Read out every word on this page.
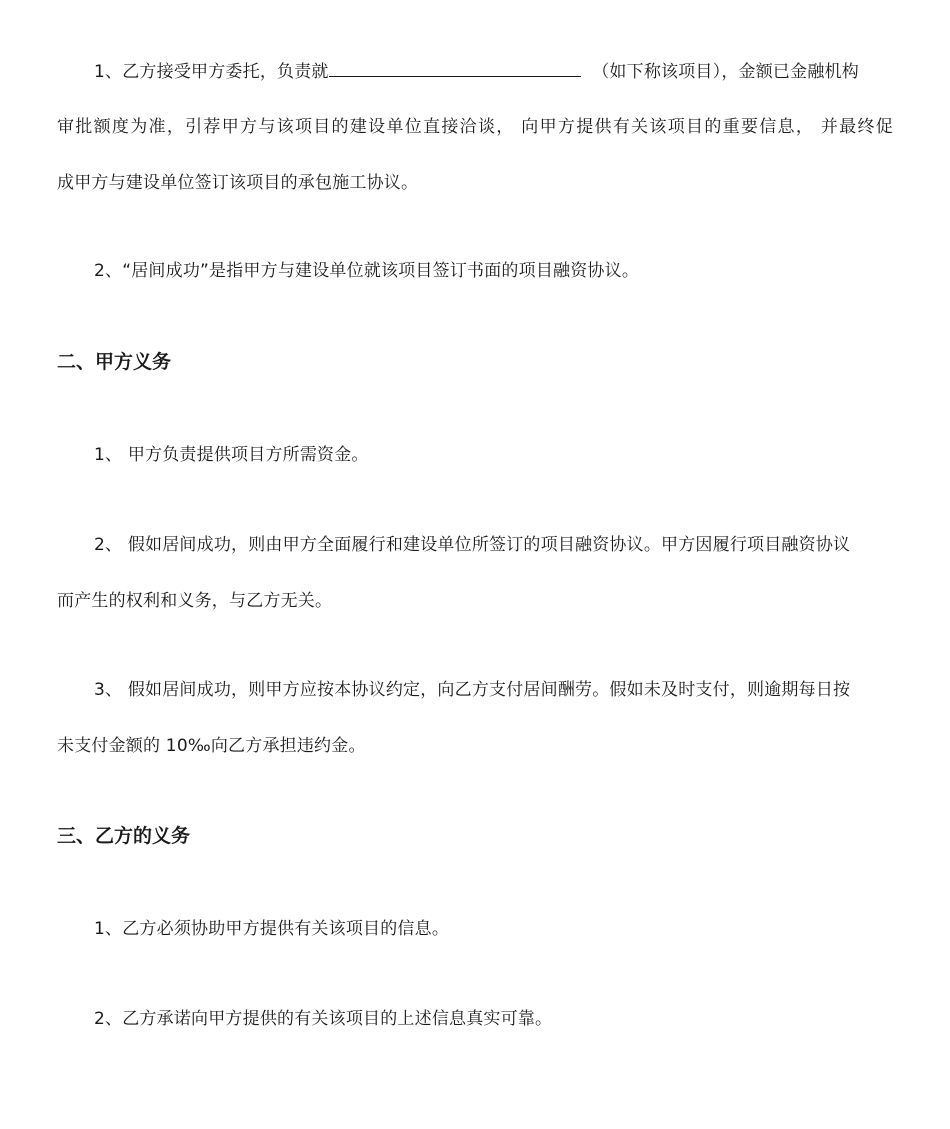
1、乙方接受甲方委托，负责就	（如下称该项目），金额已金融机构
审批额度为准，引荐甲方与该项目的建设单位直接洽谈， 向甲方提供有关该项目的重要信息， 并最终促
成甲方与建设单位签订该项目的承包施工协议。
2、“居间成功”是指甲方与建设单位就该项目签订书面的项目融资协议。
二、甲方义务
1、 甲方负责提供项目方所需资金。
2、 假如居间成功，则由甲方全面履行和建设单位所签订的项目融资协议。甲方因履行项目融资协议
而产生的权利和义务，与乙方无关。
3、 假如居间成功，则甲方应按本协议约定，向乙方支付居间酬劳。假如未及时支付，则逾期每日按
未支付金额的 10‰向乙方承担违约金。
三、乙方的义务
1、乙方必须协助甲方提供有关该项目的信息。
2、乙方承诺向甲方提供的有关该项目的上述信息真实可靠。
